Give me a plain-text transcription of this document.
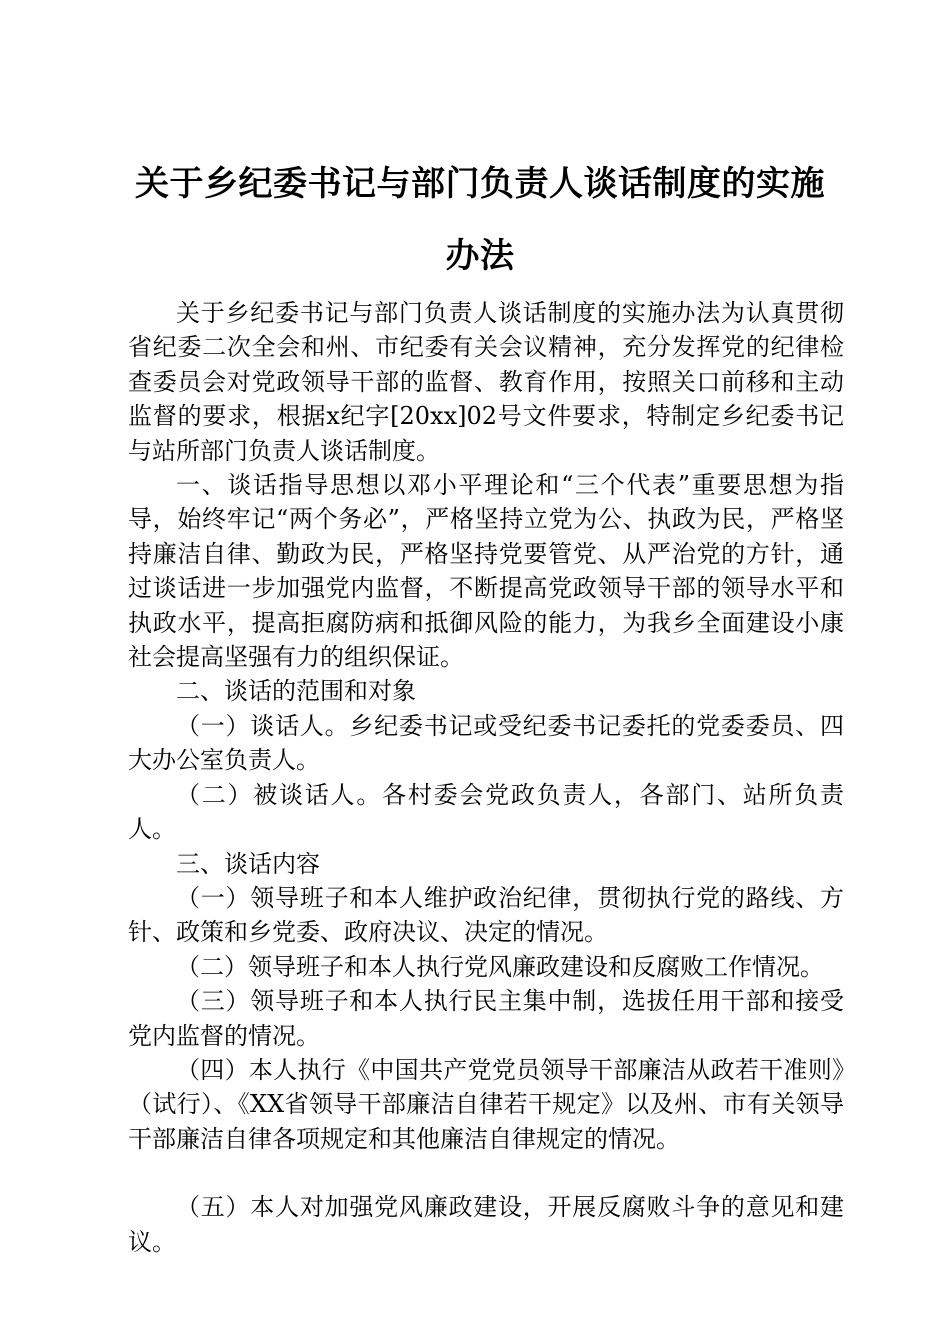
关于乡纪委书记与部门负责人谈话制度的实施办法

关于乡纪委书记与部门负责人谈话制度的实施办法为认真贯彻省纪委二次全会和州、市纪委有关会议精神，充分发挥党的纪律检查委员会对党政领导干部的监督、教育作用，按照关口前移和主动监督的要求，根据x纪字[20xx]02号文件要求，特制定乡纪委书记与站所部门负责人谈话制度。

一、谈话指导思想以邓小平理论和“三个代表”重要思想为指导，始终牢记“两个务必”，严格坚持立党为公、执政为民，严格坚持廉洁自律、勤政为民，严格坚持党要管党、从严治党的方针，通过谈话进一步加强党内监督，不断提高党政领导干部的领导水平和执政水平，提高拒腐防病和抵御风险的能力，为我乡全面建设小康社会提高坚强有力的组织保证。

二、谈话的范围和对象

（一）谈话人。乡纪委书记或受纪委书记委托的党委委员、四大办公室负责人。

（二）被谈话人。各村委会党政负责人，各部门、站所负责人。

三、谈话内容

（一）领导班子和本人维护政治纪律，贯彻执行党的路线、方针、政策和乡党委、政府决议、决定的情况。

（二）领导班子和本人执行党风廉政建设和反腐败工作情况。

（三）领导班子和本人执行民主集中制，选拔任用干部和接受党内监督的情况。

（四）本人执行《中国共产党党员领导干部廉洁从政若干准则》（试行）、《XX省领导干部廉洁自律若干规定》以及州、市有关领导干部廉洁自律各项规定和其他廉洁自律规定的情况。

（五）本人对加强党风廉政建设，开展反腐败斗争的意见和建议。
